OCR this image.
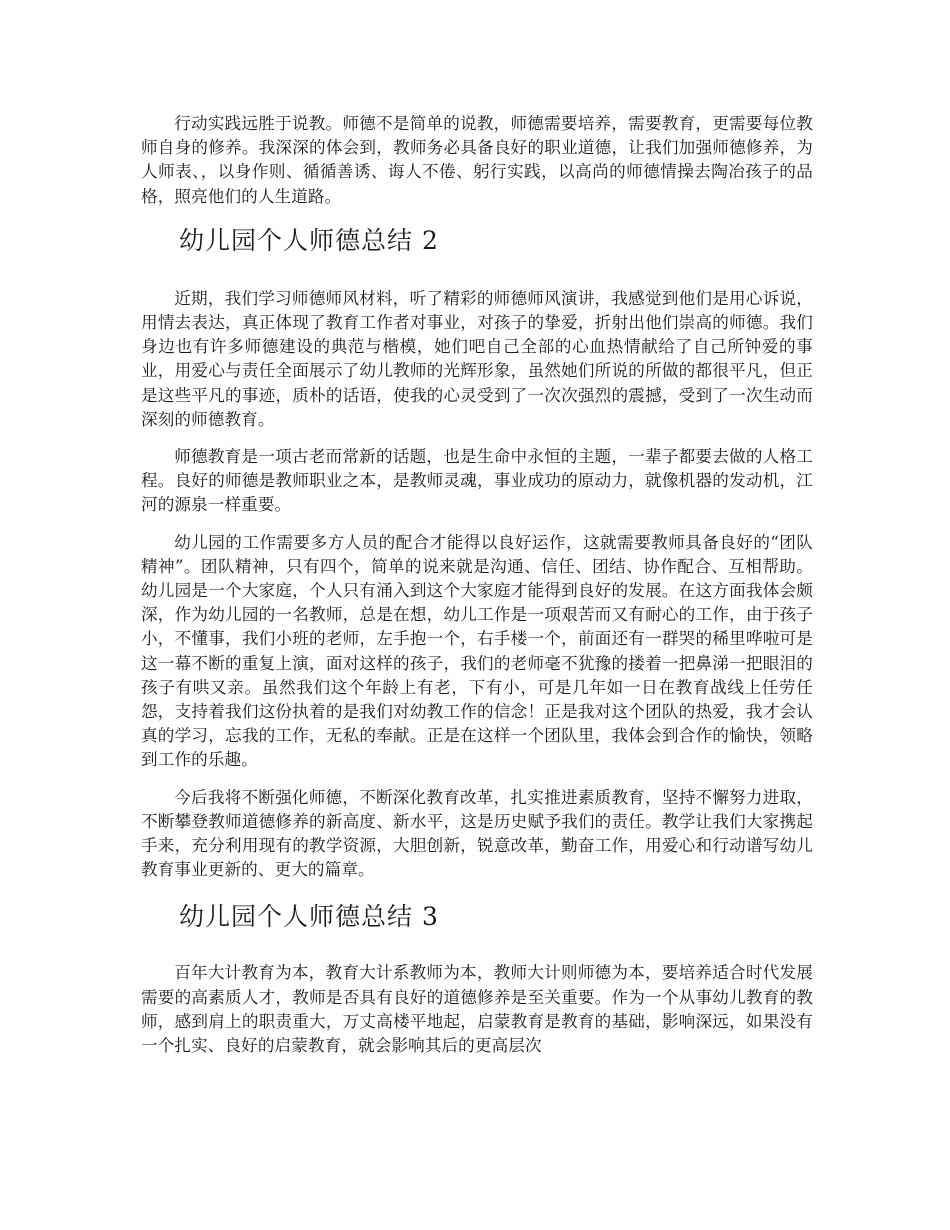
行动实践远胜于说教。师德不是简单的说教，师德需要培养，需要教育，更需要每位教师自身的修养。我深深的体会到，教师务必具备良好的职业道德，让我们加强师德修养，为人师表、，以身作则、循循善诱、诲人不倦、躬行实践，以高尚的师德情操去陶冶孩子的品格，照亮他们的人生道路。

幼儿园个人师德总结 2

近期，我们学习师德师风材料，听了精彩的师德师风演讲，我感觉到他们是用心诉说，用情去表达，真正体现了教育工作者对事业，对孩子的挚爱，折射出他们崇高的师德。我们身边也有许多师德建设的典范与楷模，她们吧自己全部的心血热情献给了自己所钟爱的事业，用爱心与责任全面展示了幼儿教师的光辉形象，虽然她们所说的所做的都很平凡，但正是这些平凡的事迹，质朴的话语，使我的心灵受到了一次次强烈的震撼，受到了一次生动而深刻的师德教育。

师德教育是一项古老而常新的话题，也是生命中永恒的主题，一辈子都要去做的人格工程。良好的师德是教师职业之本，是教师灵魂，事业成功的原动力，就像机器的发动机，江河的源泉一样重要。

幼儿园的工作需要多方人员的配合才能得以良好运作，这就需要教师具备良好的“团队精神”。团队精神，只有四个，简单的说来就是沟通、信任、团结、协作配合、互相帮助。幼儿园是一个大家庭，个人只有涌入到这个大家庭才能得到良好的发展。在这方面我体会颇深，作为幼儿园的一名教师，总是在想，幼儿工作是一项艰苦而又有耐心的工作，由于孩子小，不懂事，我们小班的老师，左手抱一个，右手楼一个，前面还有一群哭的稀里哗啦可是这一幕不断的重复上演，面对这样的孩子，我们的老师毫不犹豫的搂着一把鼻涕一把眼泪的孩子有哄又亲。虽然我们这个年龄上有老，下有小，可是几年如一日在教育战线上任劳任怨，支持着我们这份执着的是我们对幼教工作的信念！正是我对这个团队的热爱，我才会认真的学习，忘我的工作，无私的奉献。正是在这样一个团队里，我体会到合作的愉快，领略到工作的乐趣。

今后我将不断强化师德，不断深化教育改革，扎实推进素质教育，坚持不懈努力进取，不断攀登教师道德修养的新高度、新水平，这是历史赋予我们的责任。教学让我们大家携起手来，充分利用现有的教学资源，大胆创新，锐意改革，勤奋工作，用爱心和行动谱写幼儿教育事业更新的、更大的篇章。

幼儿园个人师德总结 3

百年大计教育为本，教育大计系教师为本，教师大计则师德为本，要培养适合时代发展需要的高素质人才，教师是否具有良好的道德修养是至关重要。作为一个从事幼儿教育的教师，感到肩上的职责重大，万丈高楼平地起，启蒙教育是教育的基础，影响深远，如果没有一个扎实、良好的启蒙教育，就会影响其后的更高层次
